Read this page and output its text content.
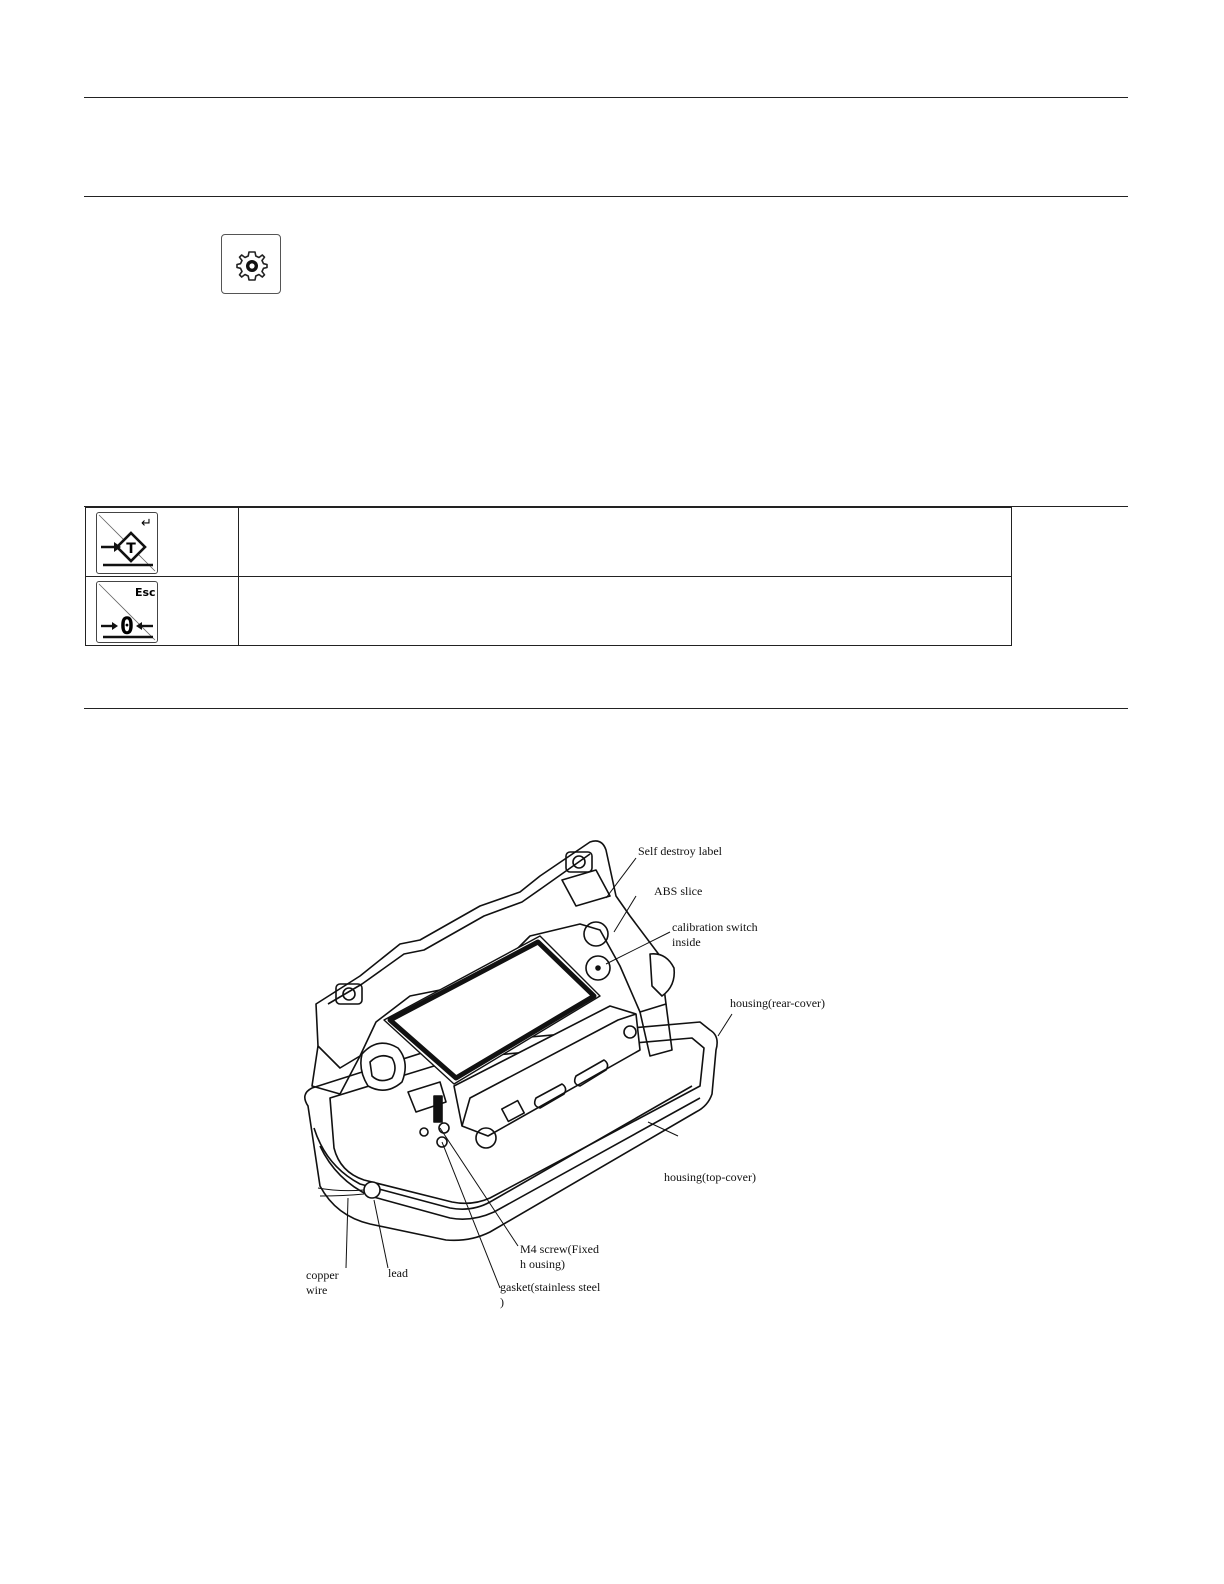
↵
T	

Esc
0	

Self destroy label
ABS slice
calibration switch
inside
housing(rear-cover)
housing(top-cover)
M4 screw(Fixed
h ousing)
gasket(stainless steel
)
copper
wire
lead
